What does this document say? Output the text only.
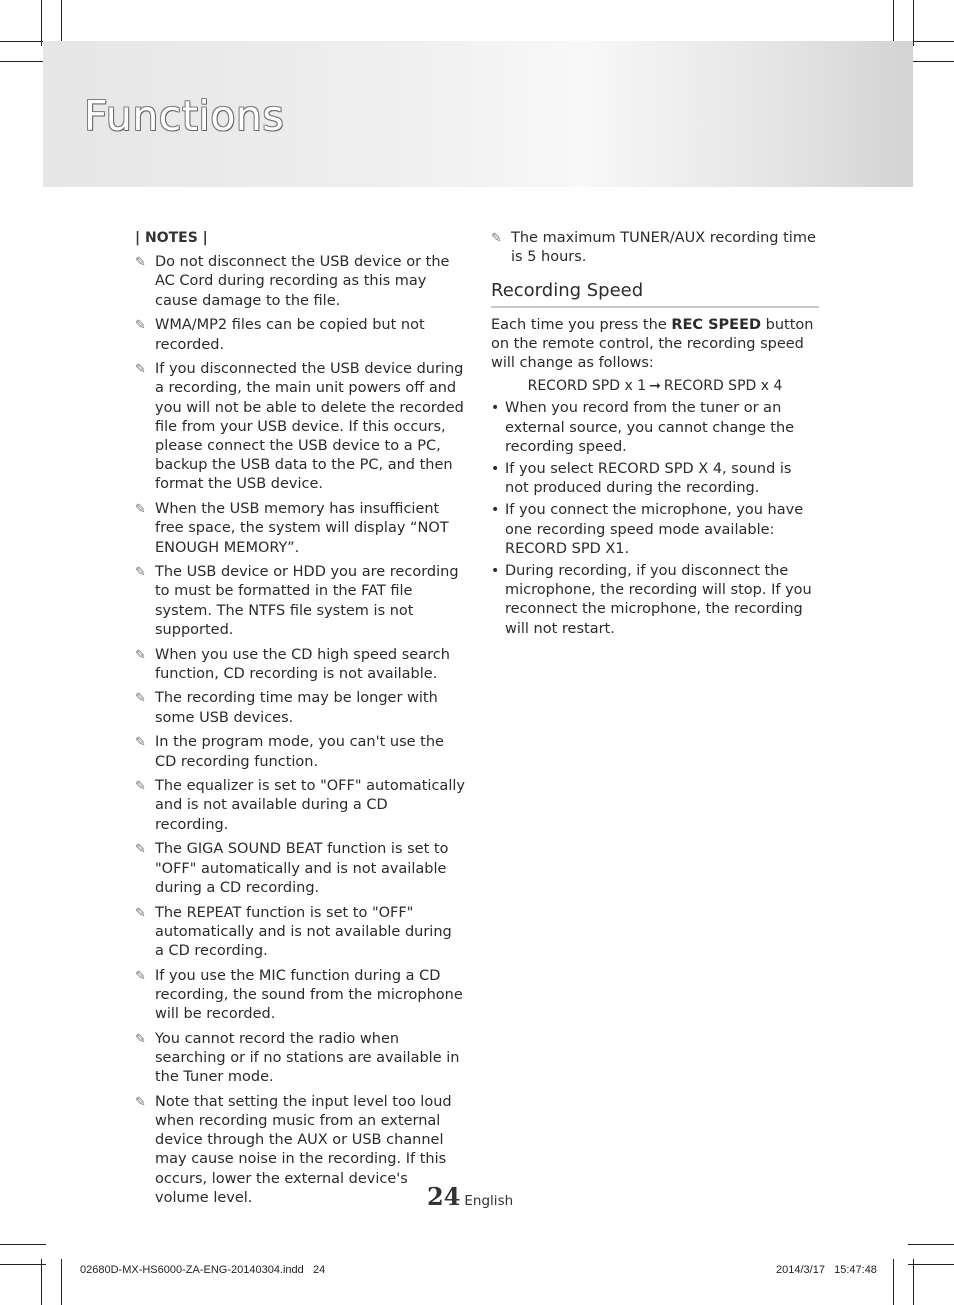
Functions
| NOTES |
✎ Do not disconnect the USB device or the AC Cord during recording as this may cause damage to the file.
✎ WMA/MP2 files can be copied but not recorded.
✎ If you disconnected the USB device during a recording, the main unit powers off and you will not be able to delete the recorded file from your USB device. If this occurs, please connect the USB device to a PC, backup the USB data to the PC, and then format the USB device.
✎ When the USB memory has insufficient free space, the system will display “NOT ENOUGH MEMORY”.
✎ The USB device or HDD you are recording to must be formatted in the FAT file system. The NTFS file system is not supported.
✎ When you use the CD high speed search function, CD recording is not available.
✎ The recording time may be longer with some USB devices.
✎ In the program mode, you can't use the CD recording function.
✎ The equalizer is set to "OFF" automatically and is not available during a CD recording.
✎ The GIGA SOUND BEAT function is set to "OFF" automatically and is not available during a CD recording.
✎ The REPEAT function is set to "OFF" automatically and is not available during a CD recording.
✎ If you use the MIC function during a CD recording, the sound from the microphone will be recorded.
✎ You cannot record the radio when searching or if no stations are available in the Tuner mode.
✎ Note that setting the input level too loud when recording music from an external device through the AUX or USB channel may cause noise in the recording. If this occurs, lower the external device's volume level.
✎ The maximum TUNER/AUX recording time is 5 hours.
Recording Speed

Each time you press the REC SPEED button on the remote control, the recording speed will change as follows:

RECORD SPD x 1 ➞ RECORD SPD x 4
• When you record from the tuner or an external source, you cannot change the recording speed.
• If you select RECORD SPD X 4, sound is not produced during the recording.
• If you connect the microphone, you have one recording speed mode available: RECORD SPD X1.
• During recording, if you disconnect the microphone, the recording will stop. If you reconnect the microphone, the recording will not restart.
24 English
02680D-MX-HS6000-ZA-ENG-20140304.indd   24	2014/3/17   15:47:48
